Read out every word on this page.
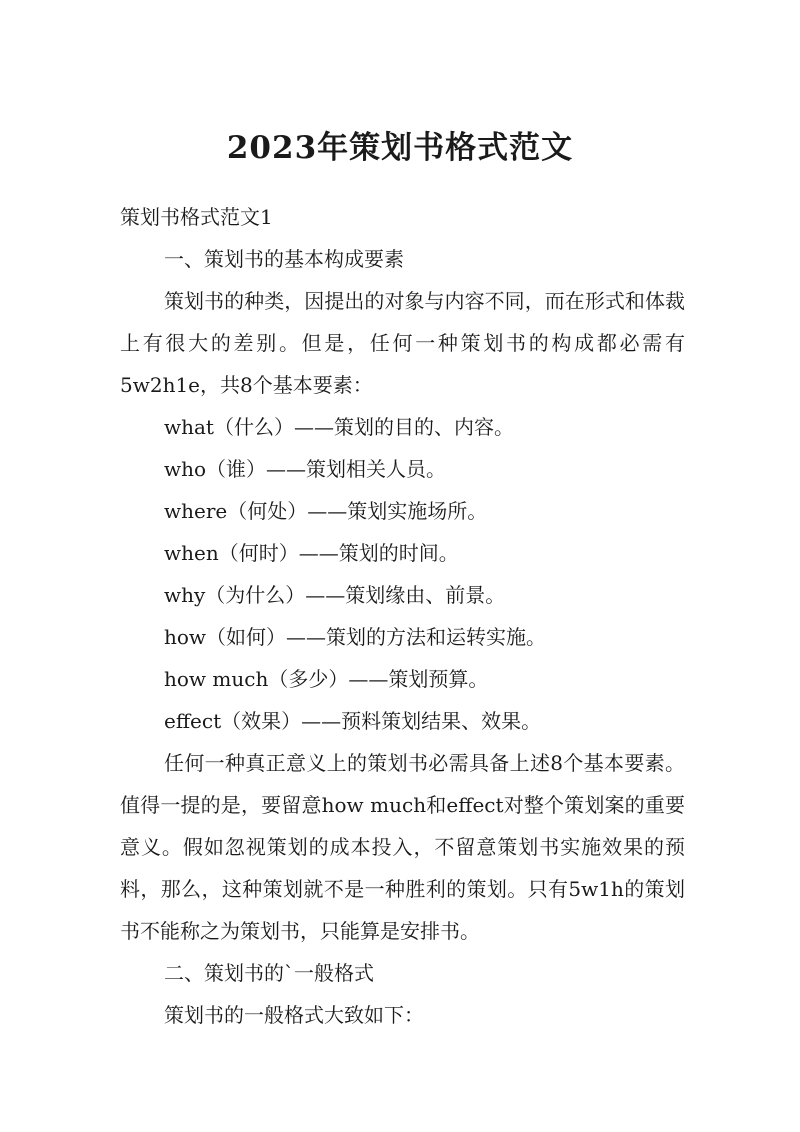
2023年策划书格式范文
策划书格式范文1
一、策划书的基本构成要素

策划书的种类，因提出的对象与内容不同，而在形式和体裁上有很大的差别。但是，任何一种策划书的构成都必需有5w2h1e，共8个基本要素：

what（什么）——策划的目的、内容。
who（谁）——策划相关人员。
where（何处）——策划实施场所。
when（何时）——策划的时间。
why（为什么）——策划缘由、前景。
how（如何）——策划的方法和运转实施。
how much（多少）——策划预算。
effect（效果）——预料策划结果、效果。

任何一种真正意义上的策划书必需具备上述8个基本要素。值得一提的是，要留意how much和effect对整个策划案的重要意义。假如忽视策划的成本投入，不留意策划书实施效果的预料，那么，这种策划就不是一种胜利的策划。只有5w1h的策划书不能称之为策划书，只能算是安排书。

二、策划书的`一般格式
策划书的一般格式大致如下：
